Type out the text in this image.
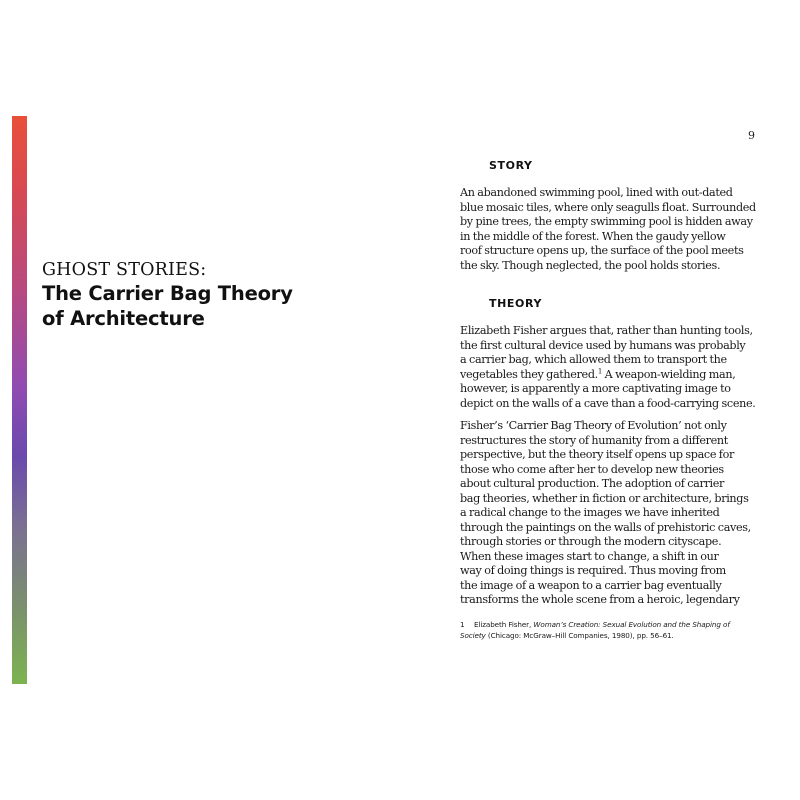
GHOST STORIES:
The Carrier Bag Theory
of Architecture
9
STORY

An abandoned swimming pool, lined with out-dated
blue mosaic tiles, where only seagulls float. Surrounded
by pine trees, the empty swimming pool is hidden away
in the middle of the forest. When the gaudy yellow
roof structure opens up, the surface of the pool meets
the sky. Though neglected, the pool holds stories.

THEORY

Elizabeth Fisher argues that, rather than hunting tools,
the first cultural device used by humans was probably
a carrier bag, which allowed them to transport the
vegetables they gathered.$^1$ A weapon-wielding man,
however, is apparently a more captivating image to
depict on the walls of a cave than a food-carrying scene.

Fisher’s ‘Carrier Bag Theory of Evolution’ not only
restructures the story of humanity from a different
perspective, but the theory itself opens up space for
those who come after her to develop new theories
about cultural production. The adoption of carrier
bag theories, whether in fiction or architecture, brings
a radical change to the images we have inherited
through the paintings on the walls of prehistoric caves,
through stories or through the modern cityscape.
When these images start to change, a shift in our
way of doing things is required. Thus moving from
the image of a weapon to a carrier bag eventually
transforms the whole scene from a heroic, legendary

1 Elizabeth Fisher, Woman’s Creation: Sexual Evolution and the Shaping of
Society (Chicago: McGraw–Hill Companies, 1980), pp. 56–61.
